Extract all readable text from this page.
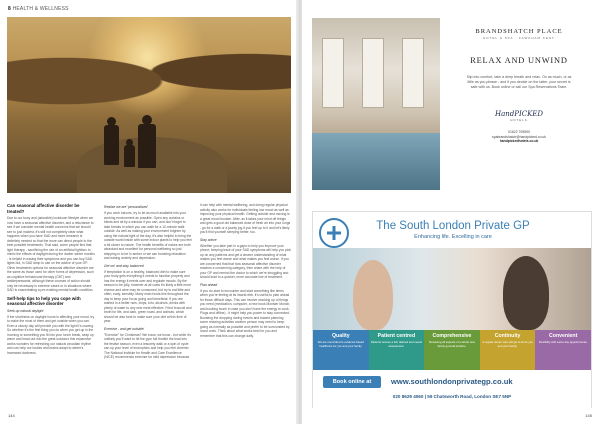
8 HEALTH & WELLNESS
Can seasonal affective disorder be treated?
Due to our busy and (adorable) lockdown lifestyle when we now have a seasonal affective disorder, and a reluctance to see if we consider mental health concerns that we should see to just modest, it's still not completely clear what happens when you have SAD and more research is definitely needed so that the more can direct people to the best possible treatments. That said, some people find that light therapy - sacrificing the use of an artificial lightbox to mimic the effects of daylight during the darker winter months - is helpful in easing their symptoms and you can buy SAD lights but, in SAD lamp to use on the advice of your GP. Other treatments options for seasonal affective disorder are the same as those used for other forms of depression, such as cognitive behavioural therapy (CBT) and antidepressants, although these courses of action should only be necessary in extreme cases or in situations where SAD is exacerbating a pre-existing mental health condition.
Self-help tips to help you cope with seasonal affective disorder
Seek up natural daylight
If the shortness on daylight hours is affecting your mood, try to make the most of them and get outside when you can. Even a cloudy day will provide you with the light it's craving. So whether it's the first thing you do when you get up in the morning or something you fit into your lunch break, wrap up warm and head out into the great outdoors this expansive works wonders for refreshing our natural circadian rhythm and can help our bodies and brains adapt to winter's increased darkness.
Realise we are 'personalised'
If you work indoors, try to let as much available into your working environment as possible. Open any curtains or blinds and sit by a window if you can, and don't forget to take breaks in which you can walk for a 10-minute walk outside. As well as making your environment brighter by using the natural light of the day, it's also helpful to bring the outside world inside with some indoor plants to help you feel a bit closer to nature. The health benefits of nature are both abundant and excellent for personal wellbeing so just stepping in to be in amber or we can boosting relaxation and easing anxiety and depression.
Get on! and stay balanced
If temptation is on a healthy, balanced diet to make sure your body gets everything it needs to function properly and has the energy it needs over and regulate moods. By the season to be jolly, however at all costs it's likely a little more cheese and wine may be consumed, but try to eat little and often, early, sensibly. Many main foods this throughout the day to keep your focus going and beneficial. If you are started in a better nuts, chips, tofu, alcohols, drinks with plenty of water to any new meal effective. Fried broccoli and broth for life, and dark, green roast, and walnuts, which should be also best to make sure your diet at this time of year.
Exercise - and get outside!
"Exercise" for Christmas? We know, we know - but while it's unlikely you'll want to hit the gym full throttle the lead into the festive season, even a leisurely walk or a spin of cycle can up your level of endorphins and help you feel cheerier. The National Institute for Health and Care Excellence (NICE) recommends exercise for mild depression because
it can help with mental wellbeing, and doing regular physical activity also works for individuals feeling low mood as well as improving your physical health. Getting outside and moving is a great mood booster. After, as it takes your mind off things and gets a good old balanced dose of fresh air into your lungs - go for a walk or a jaunty jog if you feel up to it and let's likely you'll find yourself sleeping better, too.
Stay active
Whether you take part in a gaps to help you improve your phone; keeping track of your SAD symptoms will help you pick up on any patterns and get a clearer understanding of what makes you feel worse and what makes you feel worse. If you are concerned that that how seasonal affective disorder reaches a concerning category, then share with the help of your GP and remind the doctor to which we're struggling and should lead to a quicker, more accurate line of treatment.
Plan ahead
If you do start to encounter and start something like times when you're feeling at its lowest ebb, it's useful to plan ahead for those difficult days. This can involve stocking up of things you need (medication, computer, a new book Monster Munch, and booking touch in case you don't have the energy to cook. Plugs and offline) - it might help you power to stay connected. Boosting the dropping during events and toward planning some relaxing activities another person may need to keep going as normally as possible and prefer to be surrounded by loved ones. Think about what works best for you and remember that this can change daily.
144
BRANDSHATCH PLACE
HOTEL & SPA · FAWKHAM KENT
RELAX AND UNWIND
Slip into comfort, take a deep breath and relax. On as much, or as little as you please - and if you decide on the latter, your secret is safe with us. Book online or call our Spa Reservations Team.
HandPICKED
HOTELS
01622 709590
spabrandshatch@handpicked.co.uk
handpickedhotels.co.uk
The South London Private GP
Enhancing life. Excelling in care
Quality
We are committed to evidence based healthcare for you and your family.
Patient centred
Patients receive a full, tailored and needs assessment.
Comprehensive
Receiving all aspects of a whole new family general practice.
Continuity
A regular doctor who will get to know you and your family.
Convenient
Flexibility with same day appointments.
Book online at	www.southlondonprivategp.co.uk
020 8629 4060 | 59 Chatsworth Road, London SE7 5NP
145
